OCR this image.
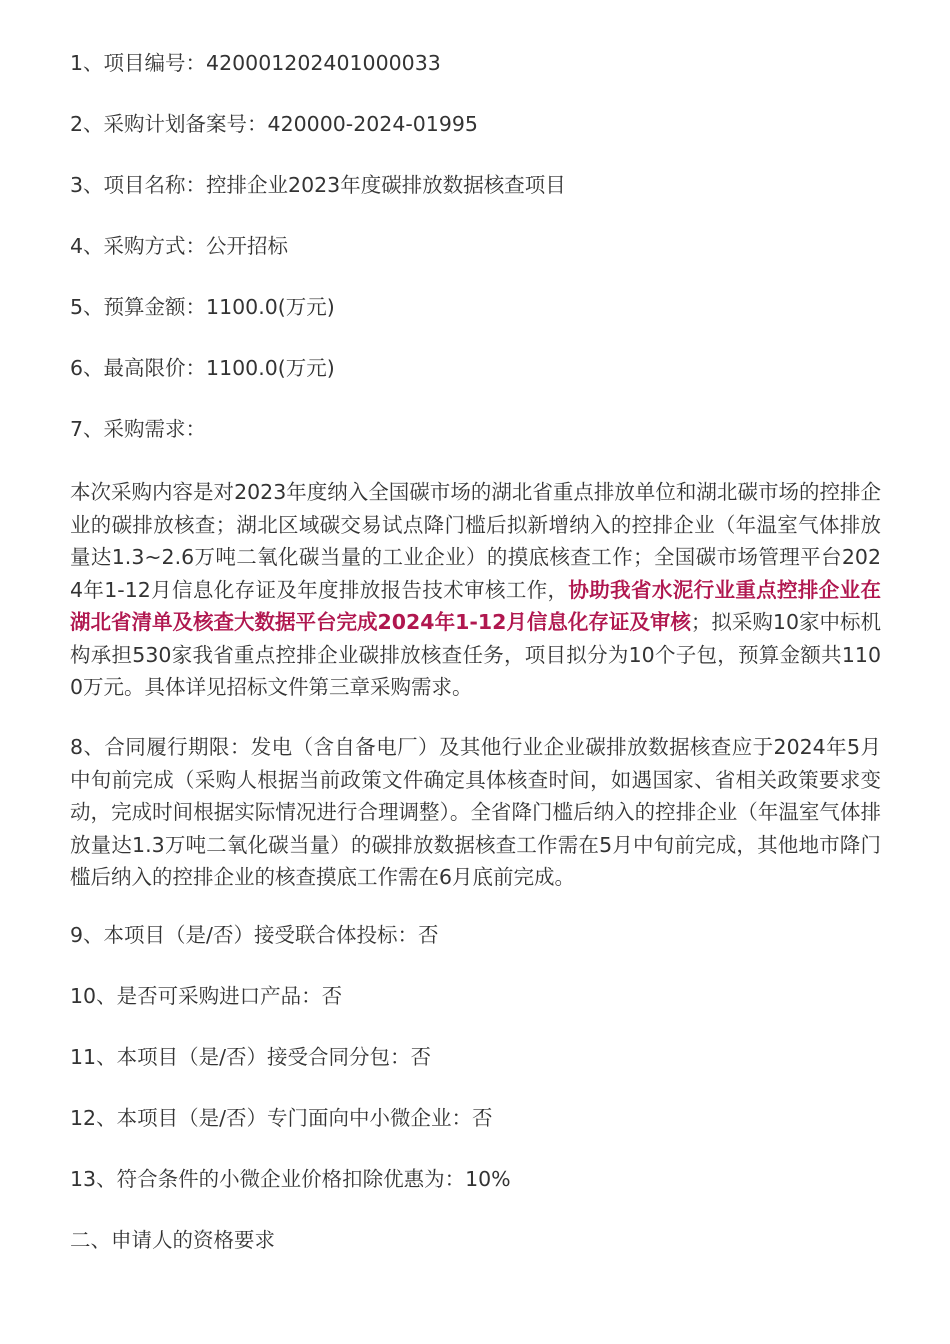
1、项目编号：420001202401000033
2、采购计划备案号：420000-2024-01995
3、项目名称：控排企业2023年度碳排放数据核查项目
4、采购方式：公开招标
5、预算金额：1100.0(万元)
6、最高限价：1100.0(万元)
7、采购需求：
本次采购内容是对2023年度纳入全国碳市场的湖北省重点排放单位和湖北碳市场的控排企业的碳排放核查；湖北区域碳交易试点降门槛后拟新增纳入的控排企业（年温室气体排放量达1.3~2.6万吨二氧化碳当量的工业企业）的摸底核查工作；全国碳市场管理平台2024年1-12月信息化存证及年度排放报告技术审核工作，协助我省水泥行业重点控排企业在湖北省清单及核查大数据平台完成2024年1-12月信息化存证及审核；拟采购10家中标机构承担530家我省重点控排企业碳排放核查任务，项目拟分为10个子包，预算金额共1100万元。具体详见招标文件第三章采购需求。
8、合同履行期限：发电（含自备电厂）及其他行业企业碳排放数据核查应于2024年5月中旬前完成（采购人根据当前政策文件确定具体核查时间，如遇国家、省相关政策要求变动，完成时间根据实际情况进行合理调整）。全省降门槛后纳入的控排企业（年温室气体排放量达1.3万吨二氧化碳当量）的碳排放数据核查工作需在5月中旬前完成，其他地市降门槛后纳入的控排企业的核查摸底工作需在6月底前完成。
9、本项目（是/否）接受联合体投标：否
10、是否可采购进口产品：否
11、本项目（是/否）接受合同分包：否
12、本项目（是/否）专门面向中小微企业：否
13、符合条件的小微企业价格扣除优惠为：10%
二、申请人的资格要求
